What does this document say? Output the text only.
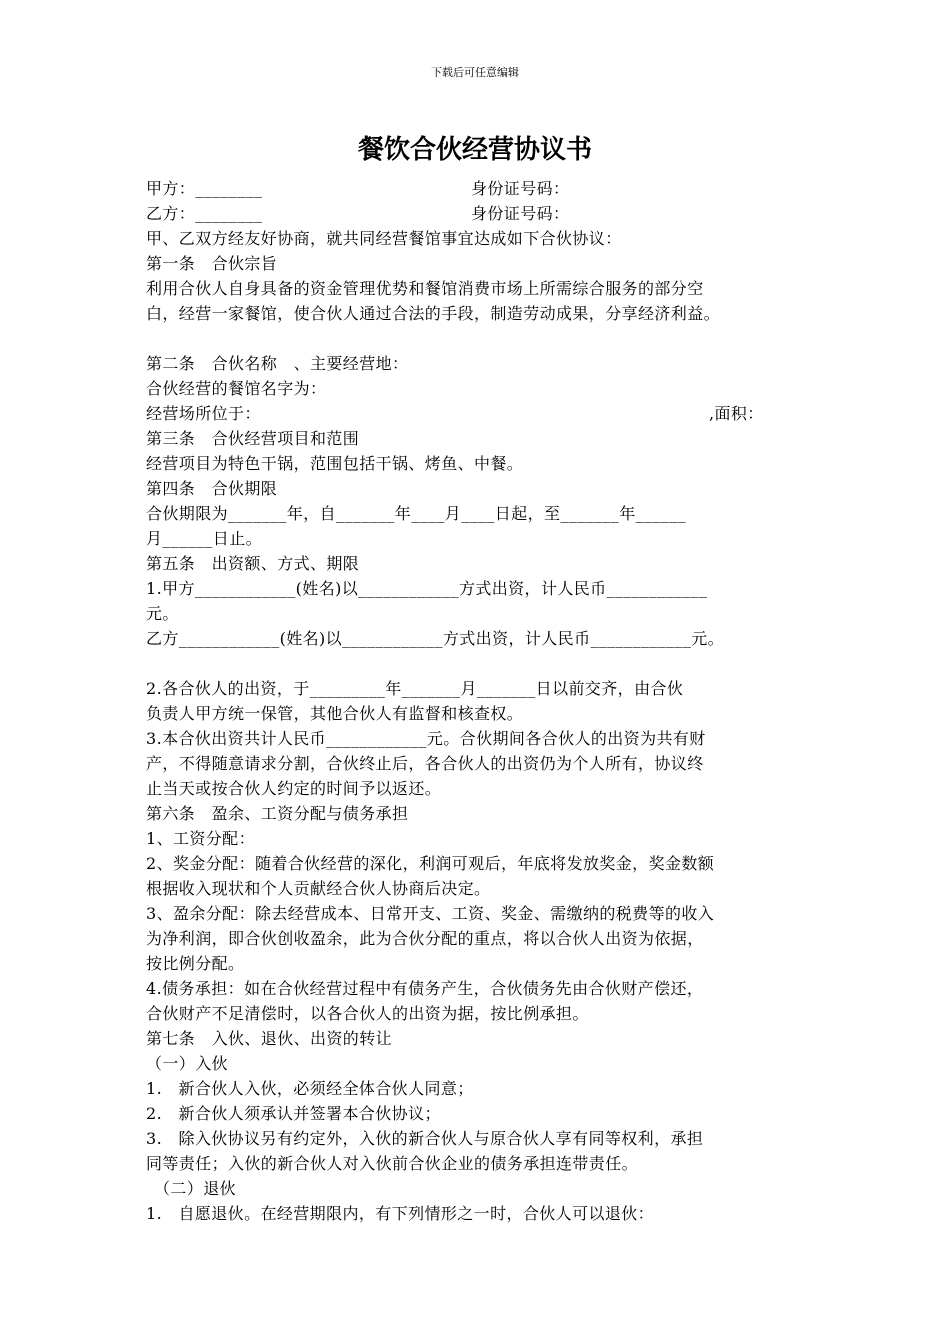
下载后可任意编辑
餐饮合伙经营协议书
甲方：________	身份证号码：
乙方：________	身份证号码：
甲、乙双方经友好协商，就共同经营餐馆事宜达成如下合伙协议：
第一条　合伙宗旨
利用合伙人自身具备的资金管理优势和餐馆消费市场上所需综合服务的部分空
白，经营一家餐馆，使合伙人通过合法的手段，制造劳动成果，分享经济利益。
第二条　合伙名称　、主要经营地：
合伙经营的餐馆名字为：
经营场所位于：	,面积：
第三条　合伙经营项目和范围
经营项目为特色干锅，范围包括干锅、烤鱼、中餐。
第四条　合伙期限
合伙期限为_______年，自_______年____月____日起，至_______年______
月______日止。
第五条　出资额、方式、期限
1.甲方____________(姓名)以____________方式出资，计人民币____________
元。
乙方____________(姓名)以____________方式出资，计人民币____________元。
2.各合伙人的出资，于_________年_______月_______日以前交齐，由合伙
负责人甲方统一保管，其他合伙人有监督和核查权。
3.本合伙出资共计人民币____________元。合伙期间各合伙人的出资为共有财
产，不得随意请求分割，合伙终止后，各合伙人的出资仍为个人所有，协议终
止当天或按合伙人约定的时间予以返还。
第六条　盈余、工资分配与债务承担
1、工资分配：
2、奖金分配：随着合伙经营的深化，利润可观后，年底将发放奖金，奖金数额
根据收入现状和个人贡献经合伙人协商后决定。
3、盈余分配：除去经营成本、日常开支、工资、奖金、需缴纳的税费等的收入
为净利润，即合伙创收盈余，此为合伙分配的重点，将以合伙人出资为依据，
按比例分配。
4.债务承担：如在合伙经营过程中有债务产生，合伙债务先由合伙财产偿还，
合伙财产不足清偿时，以各合伙人的出资为据，按比例承担。
第七条　入伙、退伙、出资的转让
（一）入伙
1.　新合伙人入伙，必须经全体合伙人同意；
2.　新合伙人须承认并签署本合伙协议；
3.　除入伙协议另有约定外，入伙的新合伙人与原合伙人享有同等权利，承担
同等责任；入伙的新合伙人对入伙前合伙企业的债务承担连带责任。
（二）退伙
1.　自愿退伙。在经营期限内，有下列情形之一时，合伙人可以退伙：
